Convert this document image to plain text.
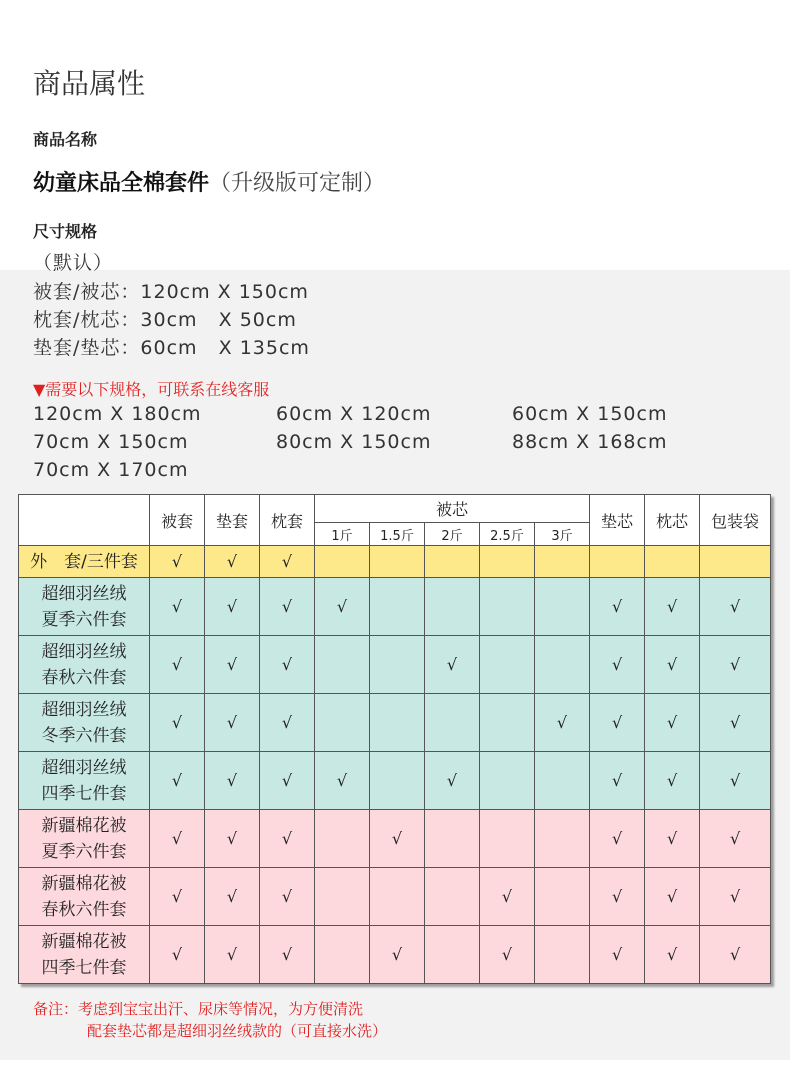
商品属性
商品名称
幼童床品全棉套件（升级版可定制）
尺寸规格
（默认）
被套/被芯：120cm X 150cm
枕套/枕芯：30cm   X 50cm
垫套/垫芯：60cm   X 135cm
▼需要以下规格，可联系在线客服
120cm X 180cm	60cm X 120cm	60cm X 150cm
70cm X 150cm	80cm X 150cm	88cm X 168cm
70cm X 170cm
	被套	垫套	枕套	被芯					垫芯	枕芯	包装袋
				1斤	1.5斤	2斤	2.5斤	3斤			

外　套/三件套	√	√	√								

超细羽丝绒
夏季六件套	√	√	√	√					√	√	√

超细羽丝绒
春秋六件套	√	√	√			√			√	√	√

超细羽丝绒
冬季六件套	√	√	√					√	√	√	√

超细羽丝绒
四季七件套	√	√	√	√		√			√	√	√

新疆棉花被
夏季六件套	√	√	√		√				√	√	√

新疆棉花被
春秋六件套	√	√	√				√		√	√	√

新疆棉花被
四季七件套	√	√	√		√		√		√	√	√
备注：考虑到宝宝出汗、尿床等情况，为方便清洗
配套垫芯都是超细羽丝绒款的（可直接水洗）
